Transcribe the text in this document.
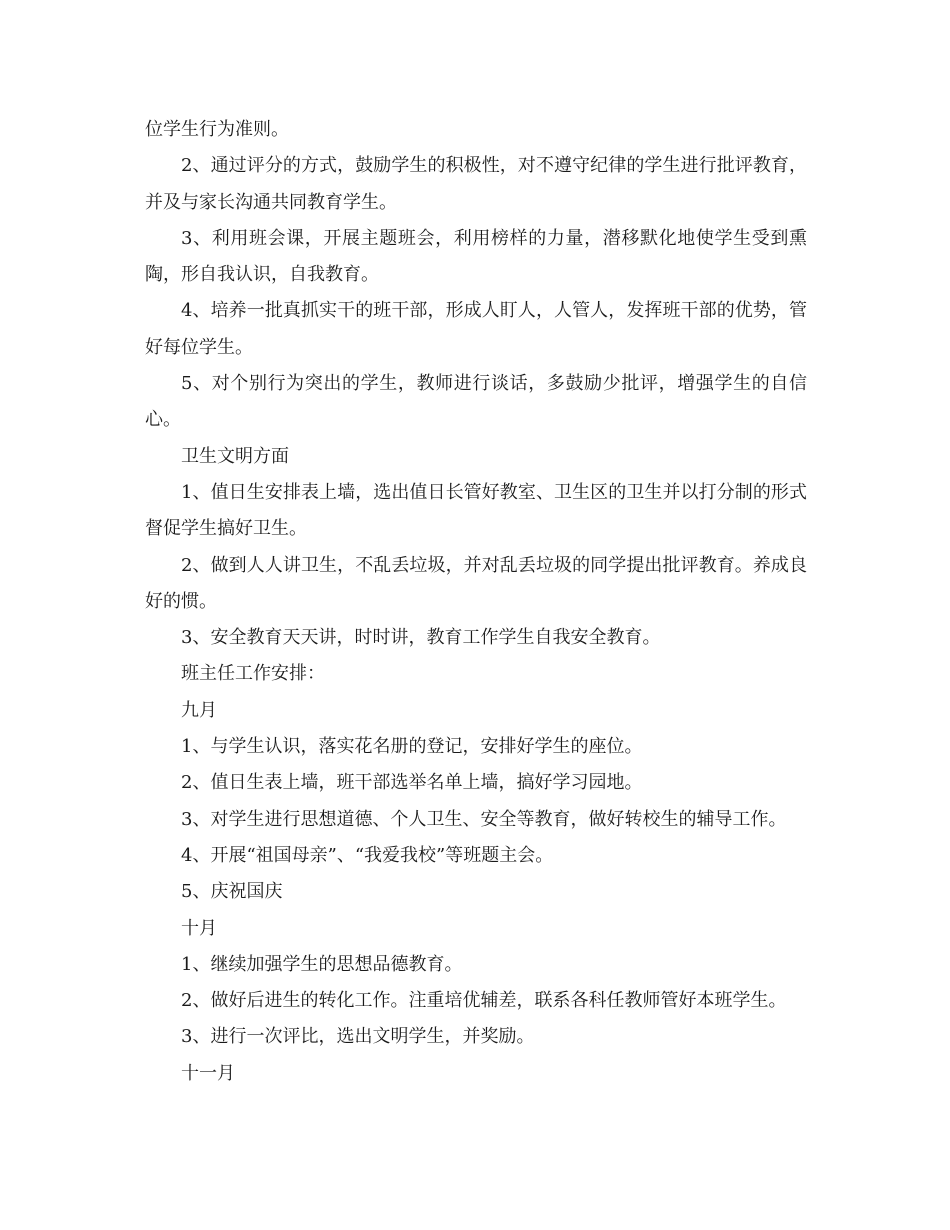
位学生行为准则。

2、通过评分的方式，鼓励学生的积极性，对不遵守纪律的学生进行批评教育，并及与家长沟通共同教育学生。

3、利用班会课，开展主题班会，利用榜样的力量，潜移默化地使学生受到熏陶，形自我认识，自我教育。

4、培养一批真抓实干的班干部，形成人盯人，人管人，发挥班干部的优势，管好每位学生。

5、对个别行为突出的学生，教师进行谈话，多鼓励少批评，增强学生的自信心。

卫生文明方面

1、值日生安排表上墙，选出值日长管好教室、卫生区的卫生并以打分制的形式督促学生搞好卫生。

2、做到人人讲卫生，不乱丢垃圾，并对乱丢垃圾的同学提出批评教育。养成良好的惯。

3、安全教育天天讲，时时讲，教育工作学生自我安全教育。

班主任工作安排：

九月

1、与学生认识，落实花名册的登记，安排好学生的座位。

2、值日生表上墙，班干部选举名单上墙，搞好学习园地。

3、对学生进行思想道德、个人卫生、安全等教育，做好转校生的辅导工作。

4、开展“祖国母亲”、“我爱我校”等班题主会。

5、庆祝国庆

十月

1、继续加强学生的思想品德教育。

2、做好后进生的转化工作。注重培优辅差，联系各科任教师管好本班学生。

3、进行一次评比，选出文明学生，并奖励。

十一月
